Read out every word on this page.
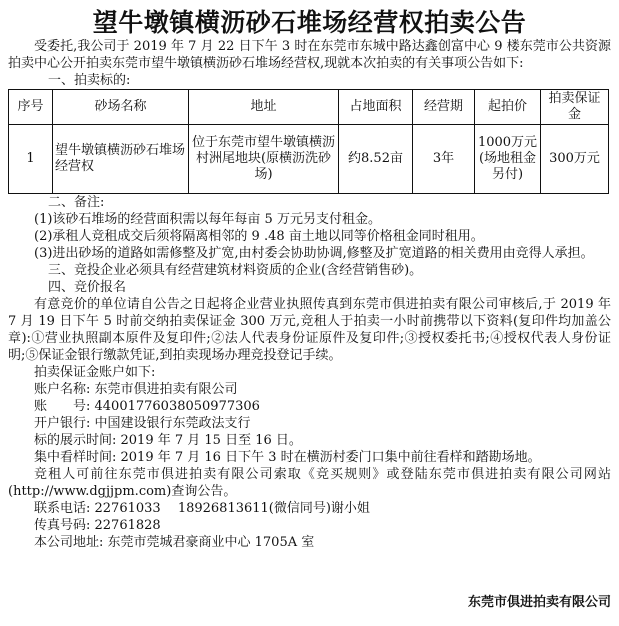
望牛墩镇横沥砂石堆场经营权拍卖公告

受委托,我公司于 2019 年 7 月 22 日下午 3 时在东莞市东城中路达鑫创富中心 9 楼东莞市公共资源拍卖中心公开拍卖东莞市望牛墩镇横沥砂石堆场经营权,现就本次拍卖的有关事项公告如下:

一、拍卖标的:
序号	砂场名称	地址	占地面积	经营期	起拍价	拍卖保证金
1	望牛墩镇横沥砂石堆场经营权	位于东莞市望牛墩镇横沥村洲尾地块(原横沥洗砂场)	约8.52亩	3年	1000万元(场地租金另付)	300万元
二、备注:

(1)该砂石堆场的经营面积需以每年每亩 5 万元另支付租金。

(2)承租人竞租成交后须将隔离相邻的 9 .48 亩土地以同等价格租金同时租用。

(3)进出砂场的道路如需修整及扩宽,由村委会协助协调,修整及扩宽道路的相关费用由竞得人承担。

三、竞投企业必须具有经营建筑材料资质的企业(含经营销售砂)。
四、竞价报名

有意竞价的单位请自公告之日起将企业营业执照传真到东莞市倶进拍卖有限公司审核后,于 2019 年 7 月 19 日下午 5 时前交纳拍卖保证金 300 万元,竞租人于拍卖一小时前携带以下资料(复印件均加盖公章):①营业执照副本原件及复印件;②法人代表身份证原件及复印件;③授权委托书;④授权代表人身份证明;⑤保证金银行缴款凭证,到拍卖现场办理竞投登记手续。

拍卖保证金账户如下:

账户名称: 东莞市倶进拍卖有限公司

账　　号: 44001776038050977306

开户银行: 中国建设银行东莞政法支行

标的展示时间: 2019 年 7 月 15 日至 16 日。

集中看样时间: 2019 年 7 月 16 日下午 3 时在横沥村委门口集中前往看样和踏勘场地。

竞租人可前往东莞市倶进拍卖有限公司索取《竞买规则》或登陆东莞市倶进拍卖有限公司网站(http://www.dgjjpm.com)查询公告。

联系电话: 22761033　 18926813611(微信同号)谢小姐

传真号码: 22761828

本公司地址: 东莞市莞城君豪商业中心 1705A 室

东莞市倶进拍卖有限公司
